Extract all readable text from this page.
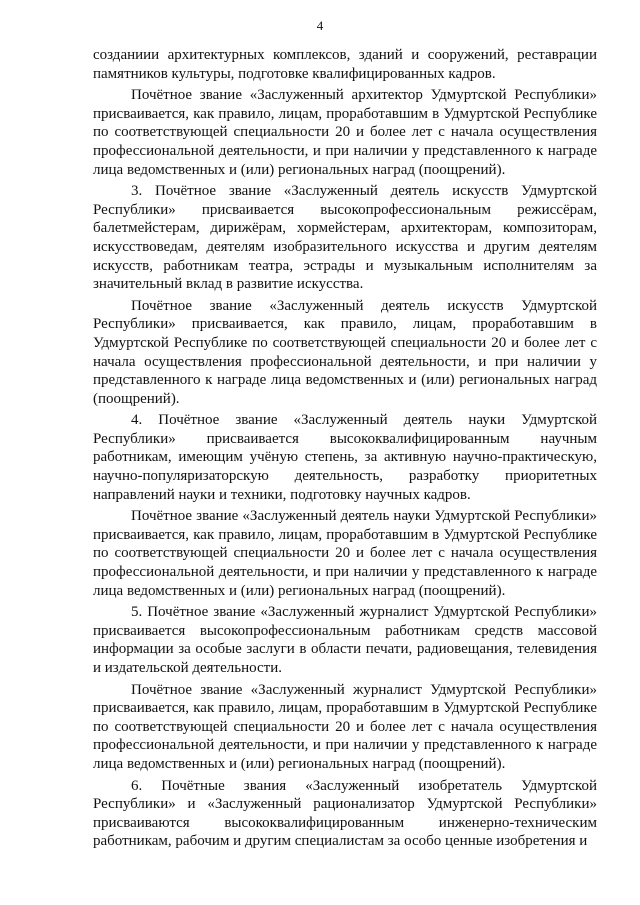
4

созданиии архитектурных комплексов, зданий и сооружений, реставрации памятников культуры, подготовке квалифицированных кадров.

Почётное звание «Заслуженный архитектор Удмуртской Республики» присваивается, как правило, лицам, проработавшим в Удмуртской Республике по соответствующей специальности 20 и более лет с начала осуществления профессиональной деятельности, и при наличии у представленного к награде лица ведомственных и (или) региональных наград (поощрений).

3. Почётное звание «Заслуженный деятель искусств Удмуртской Республики» присваивается высокопрофессиональным режиссёрам, балетмейстерам, дирижёрам, хормейстерам, архитекторам, композиторам, искусствоведам, деятелям изобразительного искусства и другим деятелям искусств, работникам театра, эстрады и музыкальным исполнителям за значительный вклад в развитие искусства.

Почётное звание «Заслуженный деятель искусств Удмуртской Республики» присваивается, как правило, лицам, проработавшим в Удмуртской Республике по соответствующей специальности 20 и более лет с начала осуществления профессиональной деятельности, и при наличии у представленного к награде лица ведомственных и (или) региональных наград (поощрений).

4. Почётное звание «Заслуженный деятель науки Удмуртской Республики» присваивается высококвалифицированным научным работникам, имеющим учёную степень, за активную научно-практическую, научно-популяризаторскую деятельность, разработку приоритетных направлений науки и техники, подготовку научных кадров.

Почётное звание «Заслуженный деятель науки Удмуртской Республики» присваивается, как правило, лицам, проработавшим в Удмуртской Республике по соответствующей специальности 20 и более лет с начала осуществления профессиональной деятельности, и при наличии у представленного к награде лица ведомственных и (или) региональных наград (поощрений).

5. Почётное звание «Заслуженный журналист Удмуртской Республики» присваивается высокопрофессиональным работникам средств массовой информации за особые заслуги в области печати, радиовещания, телевидения и издательской деятельности.

Почётное звание «Заслуженный журналист Удмуртской Республики» присваивается, как правило, лицам, проработавшим в Удмуртской Республике по соответствующей специальности 20 и более лет с начала осуществления профессиональной деятельности, и при наличии у представленного к награде лица ведомственных и (или) региональных наград (поощрений).

6. Почётные звания «Заслуженный изобретатель Удмуртской Республики» и «Заслуженный рационализатор Удмуртской Республики» присваиваются высококвалифицированным инженерно-техническим работникам, рабочим и другим специалистам за особо ценные изобретения и
